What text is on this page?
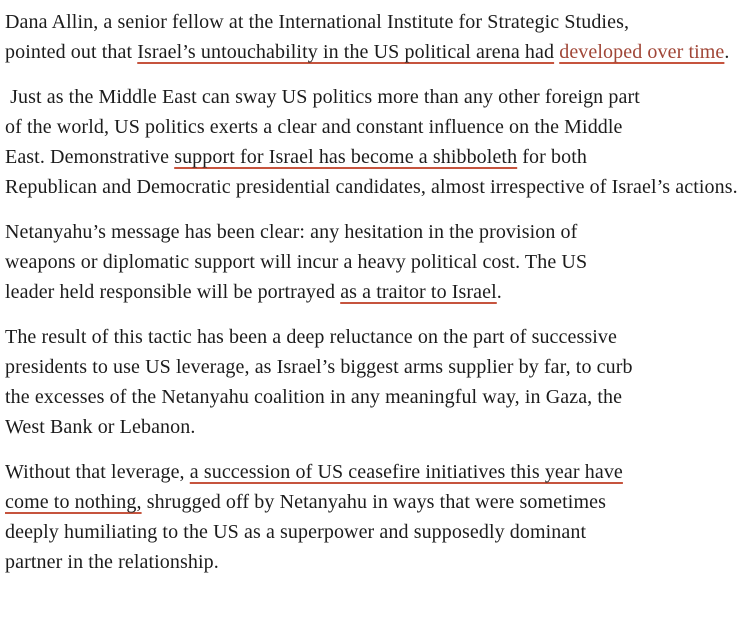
Dana Allin, a senior fellow at the International Institute for Strategic Studies, pointed out that Israel’s untouchability in the US political arena had developed over time.

Just as the Middle East can sway US politics more than any other foreign part of the world, US politics exerts a clear and constant influence on the Middle East. Demonstrative support for Israel has become a shibboleth for both Republican and Democratic presidential candidates, almost irrespective of Israel’s actions.

Netanyahu’s message has been clear: any hesitation in the provision of weapons or diplomatic support will incur a heavy political cost. The US leader held responsible will be portrayed as a traitor to Israel.

The result of this tactic has been a deep reluctance on the part of successive presidents to use US leverage, as Israel’s biggest arms supplier by far, to curb the excesses of the Netanyahu coalition in any meaningful way, in Gaza, the West Bank or Lebanon.

Without that leverage, a succession of US ceasefire initiatives this year have come to nothing, shrugged off by Netanyahu in ways that were sometimes deeply humiliating to the US as a superpower and supposedly dominant partner in the relationship.
